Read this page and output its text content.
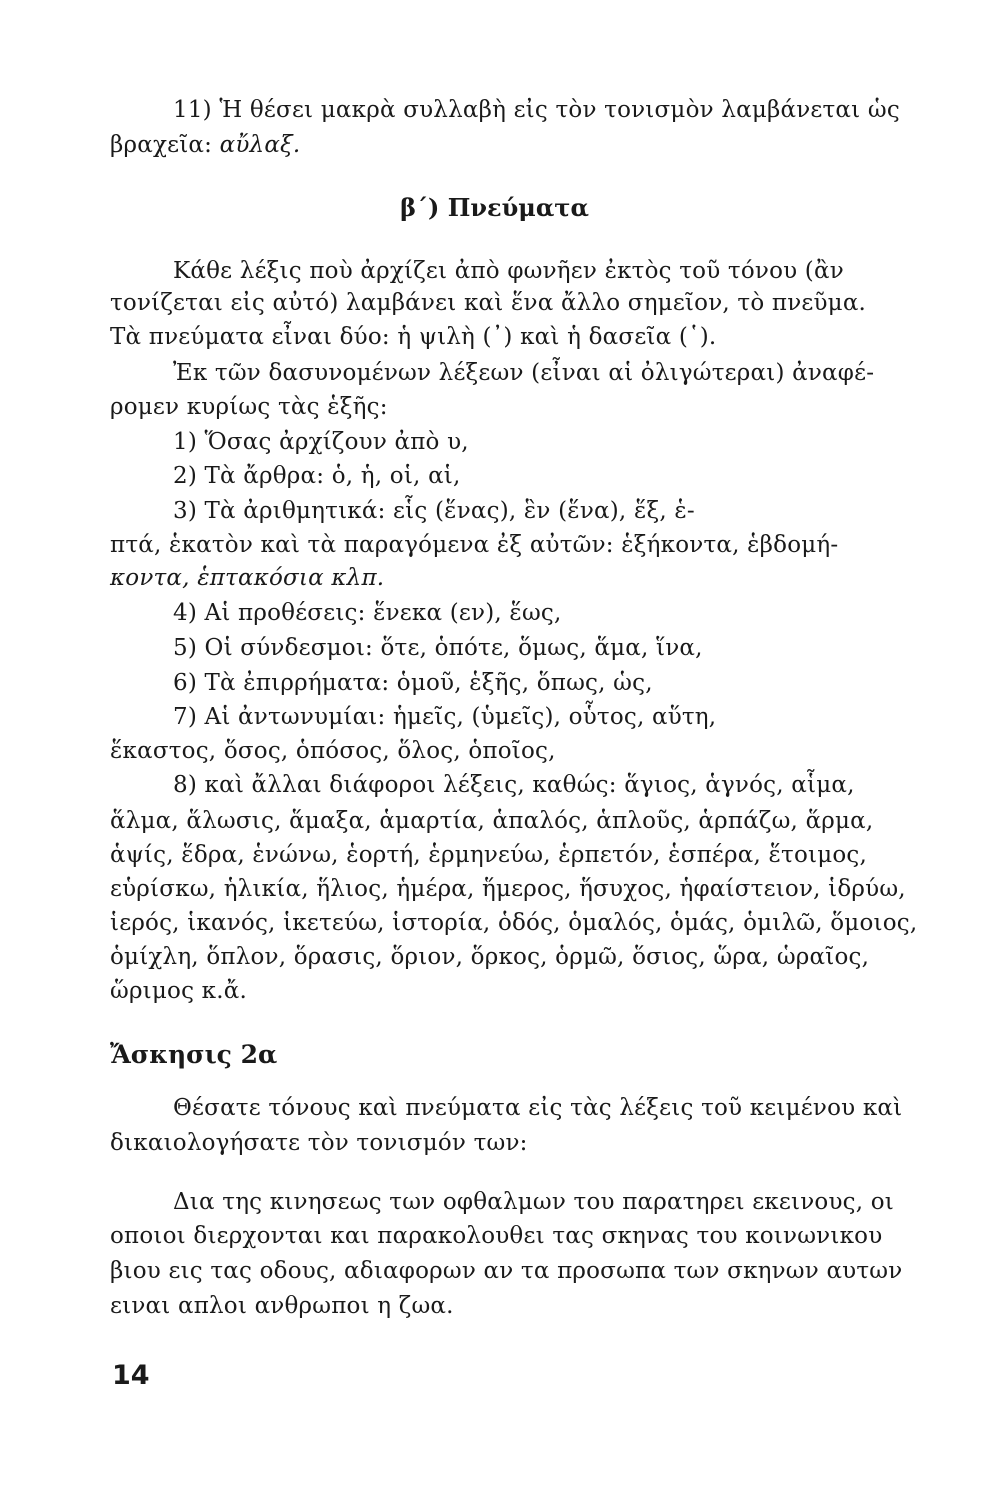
11) Ἡ θέσει μακρὰ συλλαβὴ εἰς τὸν τονισμὸν λαμβάνεται ὡς
βραχεῖα: αὔλαξ.
β΄) Πνεύματα
Κάθε λέξις ποὺ ἀρχίζει ἀπὸ φωνῆεν ἐκτὸς τοῦ τόνου (ἂν
τονίζεται εἰς αὐτό) λαμβάνει καὶ ἕνα ἄλλο σημεῖον, τὸ πνεῦμα.
Τὰ πνεύματα εἶναι δύο: ἡ ψιλὴ (᾿) καὶ ἡ δασεῖα (῾).
Ἐκ τῶν δασυνομένων λέξεων (εἶναι αἱ ὀλιγώτεραι) ἀναφέ-
ρομεν κυρίως τὰς ἑξῆς:
1) Ὅσας ἀρχίζουν ἀπὸ υ,
2) Τὰ ἄρθρα: ὁ, ἡ, οἱ, αἱ,
3) Τὰ ἀριθμητικά: εἷς (ἕνας), ἓν (ἕνα), ἕξ, ἑ-
πτά, ἑκατὸν καὶ τὰ παραγόμενα ἐξ αὐτῶν: ἑξήκοντα, ἑβδομή-
κοντα, ἑπτακόσια κλπ.
4) Αἱ προθέσεις: ἕνεκα (εν), ἕως,
5) Οἱ σύνδεσμοι: ὅτε, ὁπότε, ὅμως, ἅμα, ἵνα,
6) Τὰ ἐπιρρήματα: ὁμοῦ, ἑξῆς, ὅπως, ὡς,
7) Αἱ ἀντωνυμίαι: ἡμεῖς, (ὑμεῖς), οὗτος, αὕτη,
ἕκαστος, ὅσος, ὁπόσος, ὅλος, ὁποῖος,
8) καὶ ἄλλαι διάφοροι λέξεις, καθώς: ἅγιος, ἁγνός, αἷμα,
ἅλμα, ἅλωσις, ἅμαξα, ἁμαρτία, ἁπαλός, ἁπλοῦς, ἁρπάζω, ἅρμα,
ἁψίς, ἕδρα, ἑνώνω, ἑορτή, ἑρμηνεύω, ἑρπετόν, ἑσπέρα, ἕτοιμος,
εὑρίσκω, ἡλικία, ἥλιος, ἡμέρα, ἥμερος, ἥσυχος, ἡφαίστειον, ἱδρύω,
ἱερός, ἱκανός, ἱκετεύω, ἱστορία, ὁδός, ὁμαλός, ὁμάς, ὁμιλῶ, ὅμοιος,
ὁμίχλη, ὅπλον, ὅρασις, ὅριον, ὅρκος, ὁρμῶ, ὅσιος, ὥρα, ὡραῖος,
ὥριμος κ.ἄ.
Ἄσκησις 2α
Θέσατε τόνους καὶ πνεύματα εἰς τὰς λέξεις τοῦ κειμένου καὶ
δικαιολογήσατε τὸν τονισμόν των:
Δια της κινησεως των οφθαλμων του παρατηρει εκεινους, οι
οποιοι διερχονται και παρακολουθει τας σκηνας του κοινωνικου
βιου εις τας οδους, αδιαφορων αν τα προσωπα των σκηνων αυτων
ειναι απλοι ανθρωποι η ζωα.
14
